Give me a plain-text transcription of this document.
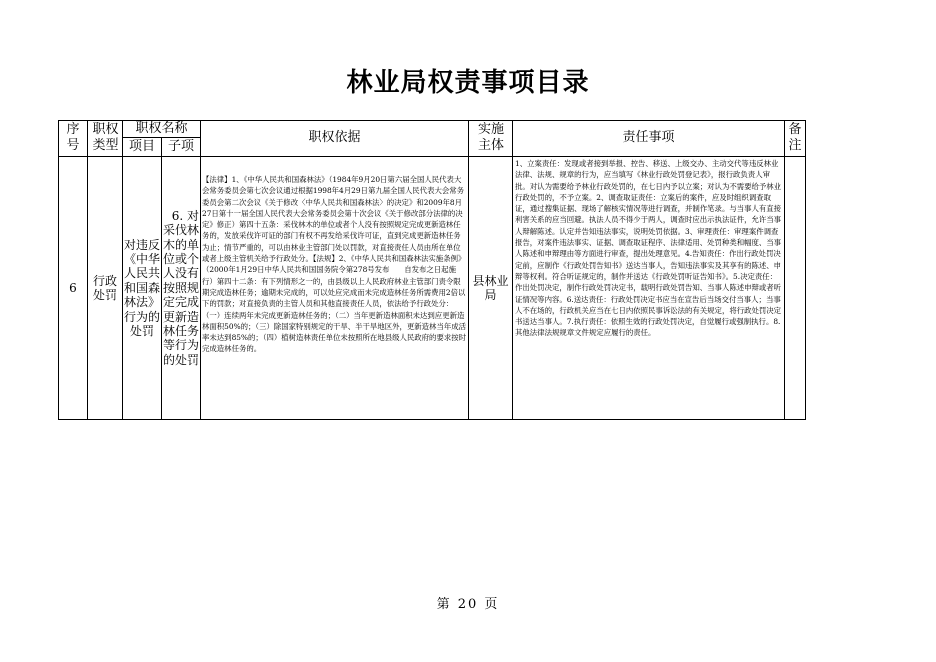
林业局权责事项目录
序号
职权类型
职权名称
项目 子项
职权依据
实施主体
责任事项
备注
6
行政处罚
对违反《中华人民共和国森林法》行为的处罚
6. 对采伐林木的单位或个人没有按照规定完成更新造林任务等行为的处罚
【法律】1、《中华人民共和国森林法》（1984年9月20日第六届全国人民代表大会常务委员会第七次会议通过根据1998年4月29日第九届全国人民代表大会常务委员会第二次会议《关于修改〈中华人民共和国森林法〉的决定》和2009年8月27日第十一届全国人民代表大会常务委员会第十次会议《关于修改部分法律的决定》修正）第四十五条：采伐林木的单位或者个人没有按照规定完成更新造林任务的，发放采伐许可证的部门有权不再发给采伐许可证，直到完成更新造林任务为止；情节严重的，可以由林业主管部门处以罚款，对直接责任人员由所在单位或者上级主管机关给予行政处分。【法规】2、《中华人民共和国森林法实施条例》（2000年1月29日中华人民共和国国务院令第278号发布　　自发布之日起施行）第四十二条：有下列情形之一的，由县级以上人民政府林业主管部门责令限期完成造林任务；逾期未完成的，可以处应完成而未完成造林任务所需费用2倍以下的罚款；对直接负责的主管人员和其他直接责任人员，依法给予行政处分：（一）连续两年未完成更新造林任务的；（二）当年更新造林面积未达到应更新造林面积50%的；（三）除国家特别规定的干旱、半干旱地区外，更新造林当年成活率未达到85%的；（四）植树造林责任单位未按照所在地县级人民政府的要求按时完成造林任务的。
县林业局
1、立案责任：发现或者接到举报、控告、移送、上级交办、主动交代等违反林业法律、法规、规章的行为，应当填写《林业行政处罚登记表》，报行政负责人审批。对认为需要给予林业行政处罚的，在七日内予以立案；对认为不需要给予林业行政处罚的，不予立案。2、调查取证责任：立案后的案件，应及时组织调查取证，通过搜集证据、现场了解核实情况等进行调查，并制作笔录。与当事人有直接利害关系的应当回避。执法人员不得少于两人，调查时应出示执法证件，允许当事人辩解陈述。认定并告知违法事实，说明处罚依据。3、审理责任：审理案件调查报告，对案件违法事实、证据、调查取证程序、法律适用、处罚种类和幅度、当事人陈述和申辩理由等方面进行审查，提出处理意见。4.告知责任：作出行政处罚决定前，应制作《行政处罚告知书》送达当事人，告知违法事实及其享有的陈述、申辩等权利。符合听证规定的，制作并送达《行政处罚听证告知书》。5.决定责任：作出处罚决定，制作行政处罚决定书，载明行政处罚告知、当事人陈述申辩或者听证情况等内容。6.送达责任：行政处罚决定书应当在宣告后当场交付当事人；当事人不在场的，行政机关应当在七日内依照民事诉讼法的有关规定，将行政处罚决定书送达当事人。7.执行责任：依照生效的行政处罚决定，自觉履行或强制执行。8.其他法律法规规章文件规定应履行的责任。
第 20 页
